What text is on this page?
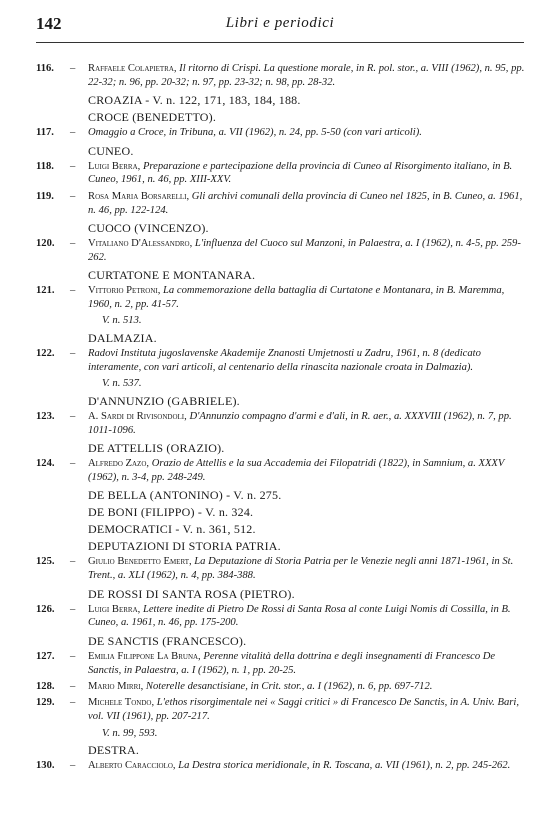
142	Libri e periodici
116. – Raffaele Colapietra, Il ritorno di Crispi. La questione morale, in R. pol. stor., a. VIII (1962), n. 95, pp. 22-32; n. 96, pp. 20-32; n. 97, pp. 23-32; n. 98, pp. 28-32.
CROAZIA - V. n. 122, 171, 183, 184, 188.
CROCE (BENEDETTO).
117. – Omaggio a Croce, in Tribuna, a. VII (1962), n. 24, pp. 5-50 (con vari articoli).
CUNEO.
118. – Luigi Berra, Preparazione e partecipazione della provincia di Cuneo al Risorgimento italiano, in B. Cuneo, 1961, n. 46, pp. XIII-XXV.
119. – Rosa Maria Borsarelli, Gli archivi comunali della provincia di Cuneo nel 1825, in B. Cuneo, a. 1961, n. 46, pp. 122-124.
CUOCO (VINCENZO).
120. – Vitaliano D'Alessandro, L'influenza del Cuoco sul Manzoni, in Palaestra, a. I (1962), n. 4-5, pp. 259-262.
CURTATONE E MONTANARA.
121. – Vittorio Petroni, La commemorazione della battaglia di Curtatone e Montanara, in B. Maremma, 1960, n. 2, pp. 41-57.
V. n. 513.
DALMAZIA.
122. – Radovi Instituta jugoslavenske Akademije Znanosti Umjetnosti u Zadru, 1961, n. 8 (dedicato interamente, con vari articoli, al centenario della rinascita nazionale croata in Dalmazia).
V. n. 537.
D'ANNUNZIO (GABRIELE).
123. – A. Sardi di Rivisondoli, D'Annunzio compagno d'armi e d'ali, in R. aer., a. XXXVIII (1962), n. 7, pp. 1011-1096.
DE ATTELLIS (ORAZIO).
124. – Alfredo Zazo, Orazio de Attellis e la sua Accademia dei Filopatridi (1822), in Samnium, a. XXXV (1962), n. 3-4, pp. 248-249.
DE BELLA (ANTONINO) - V. n. 275.
DE BONI (FILIPPO) - V. n. 324.
DEMOCRATICI - V. n. 361, 512.
DEPUTAZIONI DI STORIA PATRIA.
125. – Giulio Benedetto Emert, La Deputazione di Storia Patria per le Venezie negli anni 1871-1961, in St. Trent., a. XLI (1962), n. 4, pp. 384-388.
DE ROSSI DI SANTA ROSA (PIETRO).
126. – Luigi Berra, Lettere inedite di Pietro De Rossi di Santa Rosa al conte Luigi Nomis di Cossilla, in B. Cuneo, a. 1961, n. 46, pp. 175-200.
DE SANCTIS (FRANCESCO).
127. – Emilia Filippone La Bruna, Perenne vitalità della dottrina e degli insegnamenti di Francesco De Sanctis, in Palaestra, a. I (1962), n. 1, pp. 20-25.
128. – Mario Mirri, Noterelle desanctisiane, in Crit. stor., a. I (1962), n. 6, pp. 697-712.
129. – Michele Tondo, L'ethos risorgimentale nei « Saggi critici » di Francesco De Sanctis, in A. Univ. Bari, vol. VII (1961), pp. 207-217.
V. n. 99, 593.
DESTRA.
130. – Alberto Caracciolo, La Destra storica meridionale, in R. Toscana, a. VII (1961), n. 2, pp. 245-262.
